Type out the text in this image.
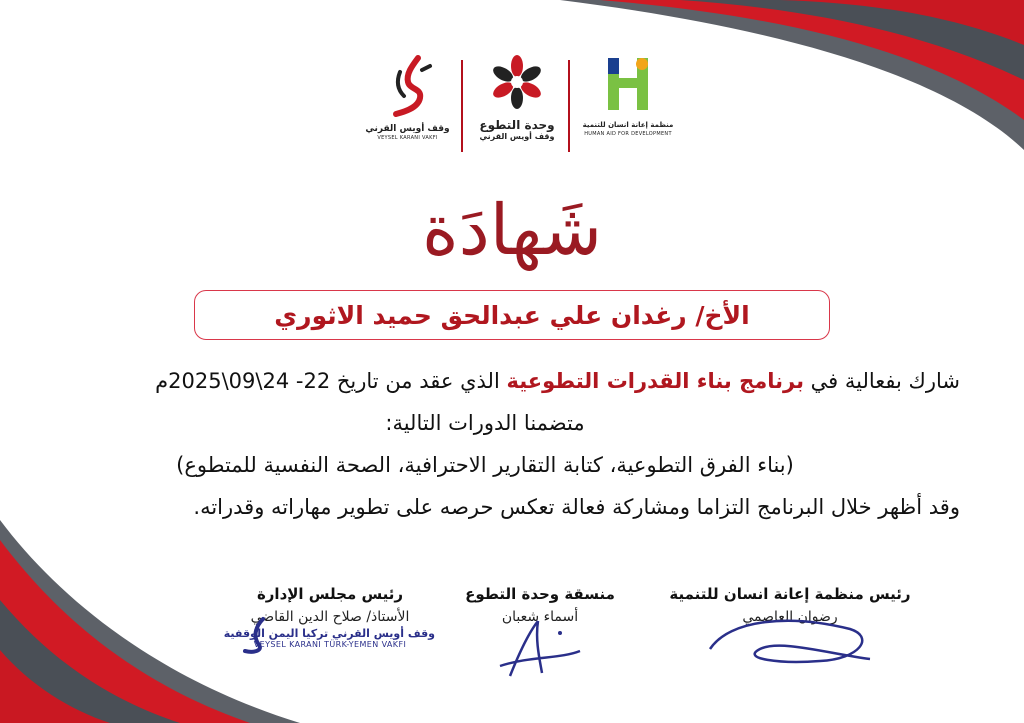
وقف أويس القرني
VEYSEL KARANI VAKFI
وحدة التطوع
وقف أويس القرني
منظمة إعانة انسان للتنمية
HUMAN AID FOR DEVELOPMENT
شَهادَة
الأخ/ رغدان علي عبدالحق حميد الاثوري
شارك بفعالية في برنامج بناء القدرات التطوعية الذي عقد من تاريخ 22- 24\09\2025م
متضمنا الدورات التالية:
(بناء الفرق التطوعية، كتابة التقارير الاحترافية، الصحة النفسية للمتطوع)
وقد أظهر خلال البرنامج التزاما ومشاركة فعالة تعكس حرصه على تطوير مهاراته وقدراته.
رئيس منظمة إعانة انسان للتنمية
رضوان العاصمي
منسقة وحدة التطوع
أسماء شعبان
رئيس مجلس الإدارة
الأستاذ/ صلاح الدين القاضي
وقف أويس القرني تركيا اليمن الوقفية
VEYSEL KARANI TÜRK-YEMEN VAKFI
